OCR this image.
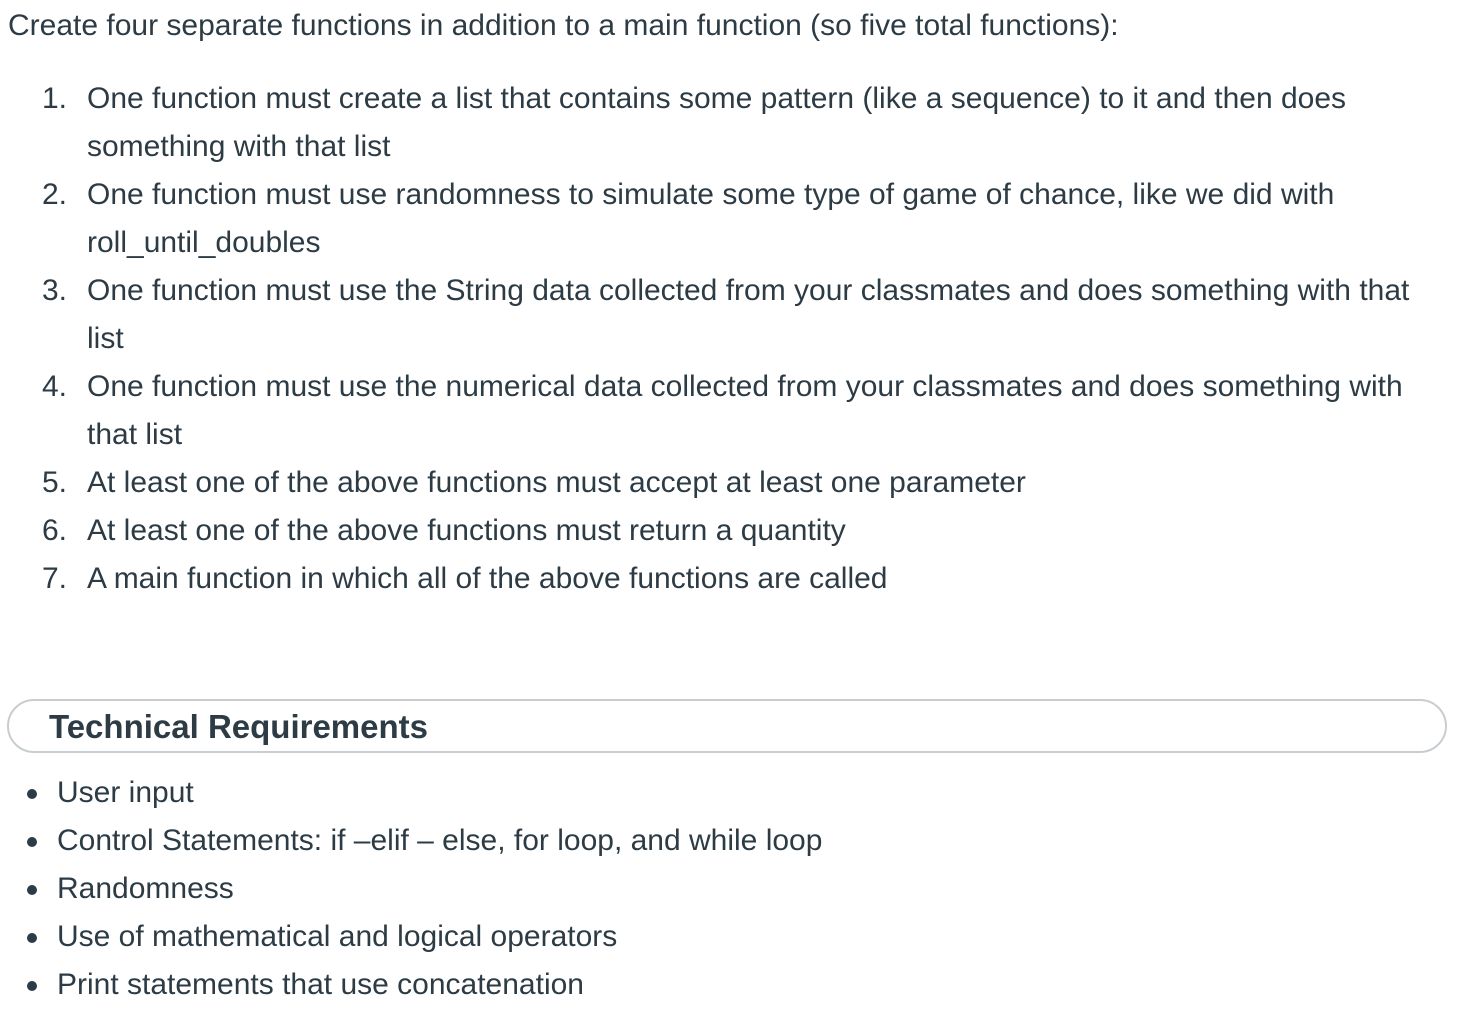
Create four separate functions in addition to a main function (so five total functions):

1. One function must create a list that contains some pattern (like a sequence) to it and then does something with that list
2. One function must use randomness to simulate some type of game of chance, like we did with roll_until_doubles
3. One function must use the String data collected from your classmates and does something with that list
4. One function must use the numerical data collected from your classmates and does something with that list
5. At least one of the above functions must accept at least one parameter
6. At least one of the above functions must return a quantity
7. A main function in which all of the above functions are called
Technical Requirements
User input
Control Statements: if –elif – else, for loop, and while loop
Randomness
Use of mathematical and logical operators
Print statements that use concatenation
